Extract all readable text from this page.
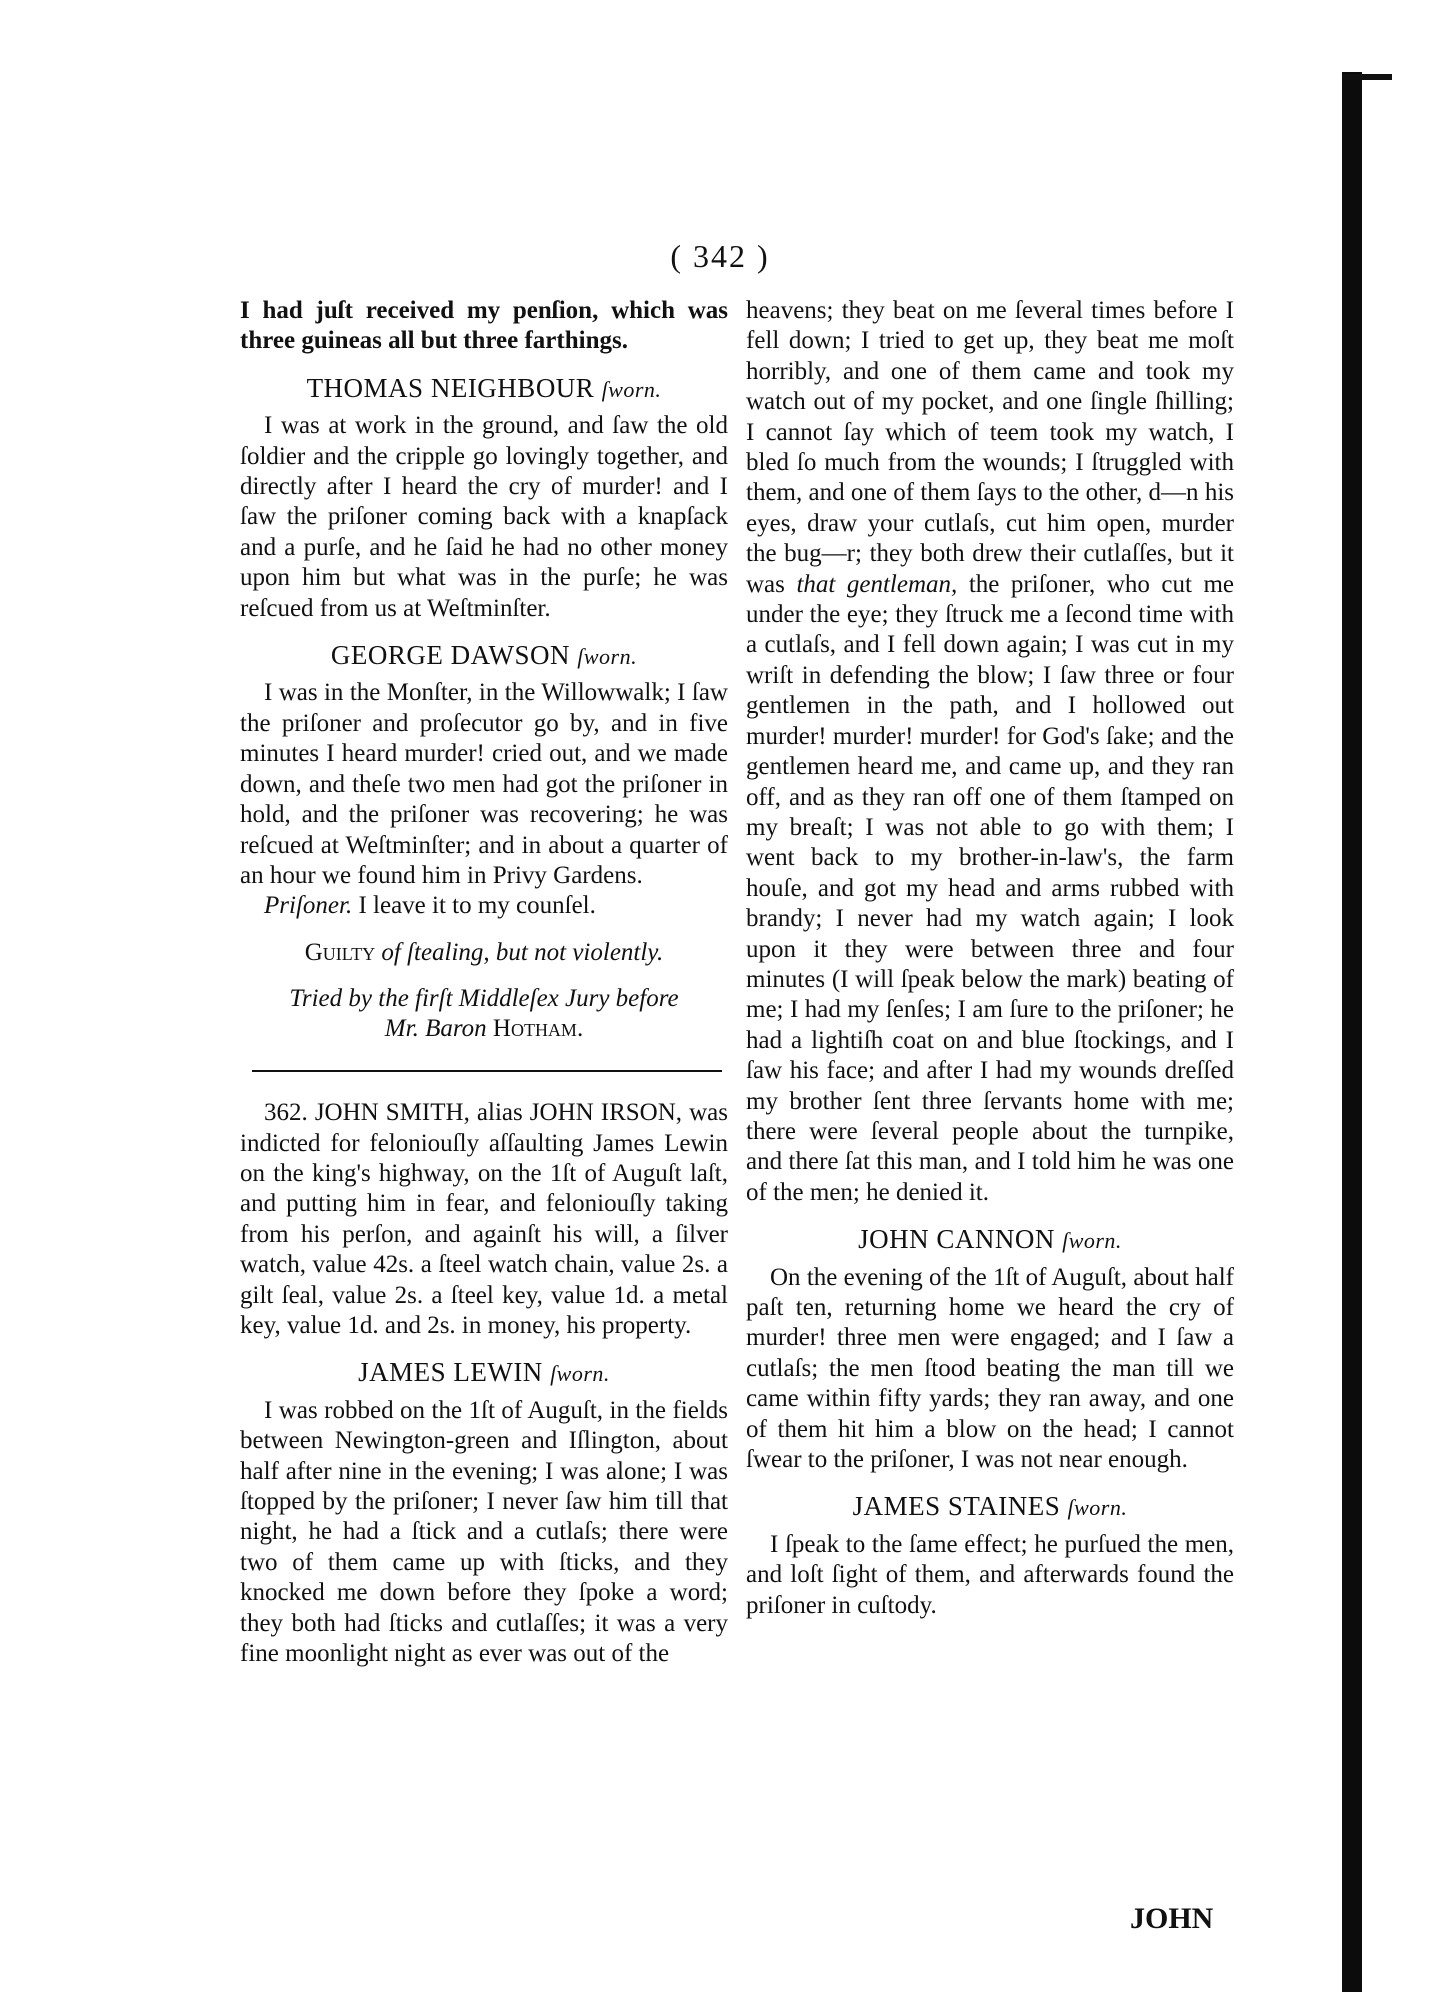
( 342 )

I had juſt received my penſion, which was three guineas all but three farthings.

THOMAS NEIGHBOUR ſworn.

I was at work in the ground, and ſaw the old ſoldier and the cripple go lovingly together, and directly after I heard the cry of murder! and I ſaw the priſoner coming back with a knapſack and a purſe, and he ſaid he had no other money upon him but what was in the purſe; he was reſcued from us at Weſtminſter.

GEORGE DAWSON ſworn.

I was in the Monſter, in the Willowwalk; I ſaw the priſoner and proſecutor go by, and in five minutes I heard murder! cried out, and we made down, and theſe two men had got the priſoner in hold, and the priſoner was recovering; he was reſcued at Weſtminſter; and in about a quarter of an hour we found him in Privy Gardens.

Priſoner. I leave it to my counſel.

Guilty of ſtealing, but not violently.
Tried by the firſt Middleſex Jury before
Mr. Baron Hotham.

362. JOHN SMITH, alias JOHN IRSON, was indicted for feloniouſly aſſaulting James Lewin on the king's highway, on the 1ſt of Auguſt laſt, and putting him in fear, and feloniouſly taking from his perſon, and againſt his will, a ſilver watch, value 42s. a ſteel watch chain, value 2s. a gilt ſeal, value 2s. a ſteel key, value 1d. a metal key, value 1d. and 2s. in money, his property.

JAMES LEWIN ſworn.

I was robbed on the 1ſt of Auguſt, in the fields between Newington-green and Iſlington, about half after nine in the evening; I was alone; I was ſtopped by the priſoner; I never ſaw him till that night, he had a ſtick and a cutlaſs; there were two of them came up with ſticks, and they knocked me down before they ſpoke a word; they both had ſticks and cutlaſſes; it was a very fine moonlight night as ever was out of the

heavens; they beat on me ſeveral times before I fell down; I tried to get up, they beat me moſt horribly, and one of them came and took my watch out of my pocket, and one ſingle ſhilling; I cannot ſay which of teem took my watch, I bled ſo much from the wounds; I ſtruggled with them, and one of them ſays to the other, d—n his eyes, draw your cutlaſs, cut him open, murder the bug—r; they both drew their cutlaſſes, but it was that gentleman, the priſoner, who cut me under the eye; they ſtruck me a ſecond time with a cutlaſs, and I fell down again; I was cut in my wriſt in defending the blow; I ſaw three or four gentlemen in the path, and I hollowed out murder! murder! murder! for God's ſake; and the gentlemen heard me, and came up, and they ran off, and as they ran off one of them ſtamped on my breaſt; I was not able to go with them; I went back to my brother-in-law's, the farm houſe, and got my head and arms rubbed with brandy; I never had my watch again; I look upon it they were between three and four minutes (I will ſpeak below the mark) beating of me; I had my ſenſes; I am ſure to the priſoner; he had a lightiſh coat on and blue ſtockings, and I ſaw his face; and after I had my wounds dreſſed my brother ſent three ſervants home with me; there were ſeveral people about the turnpike, and there ſat this man, and I told him he was one of the men; he denied it.

JOHN CANNON ſworn.

On the evening of the 1ſt of Auguſt, about half paſt ten, returning home we heard the cry of murder! three men were engaged; and I ſaw a cutlaſs; the men ſtood beating the man till we came within fifty yards; they ran away, and one of them hit him a blow on the head; I cannot ſwear to the priſoner, I was not near enough.

JAMES STAINES ſworn.

I ſpeak to the ſame effect; he purſued the men, and loſt ſight of them, and afterwards found the priſoner in cuſtody.

JOHN
